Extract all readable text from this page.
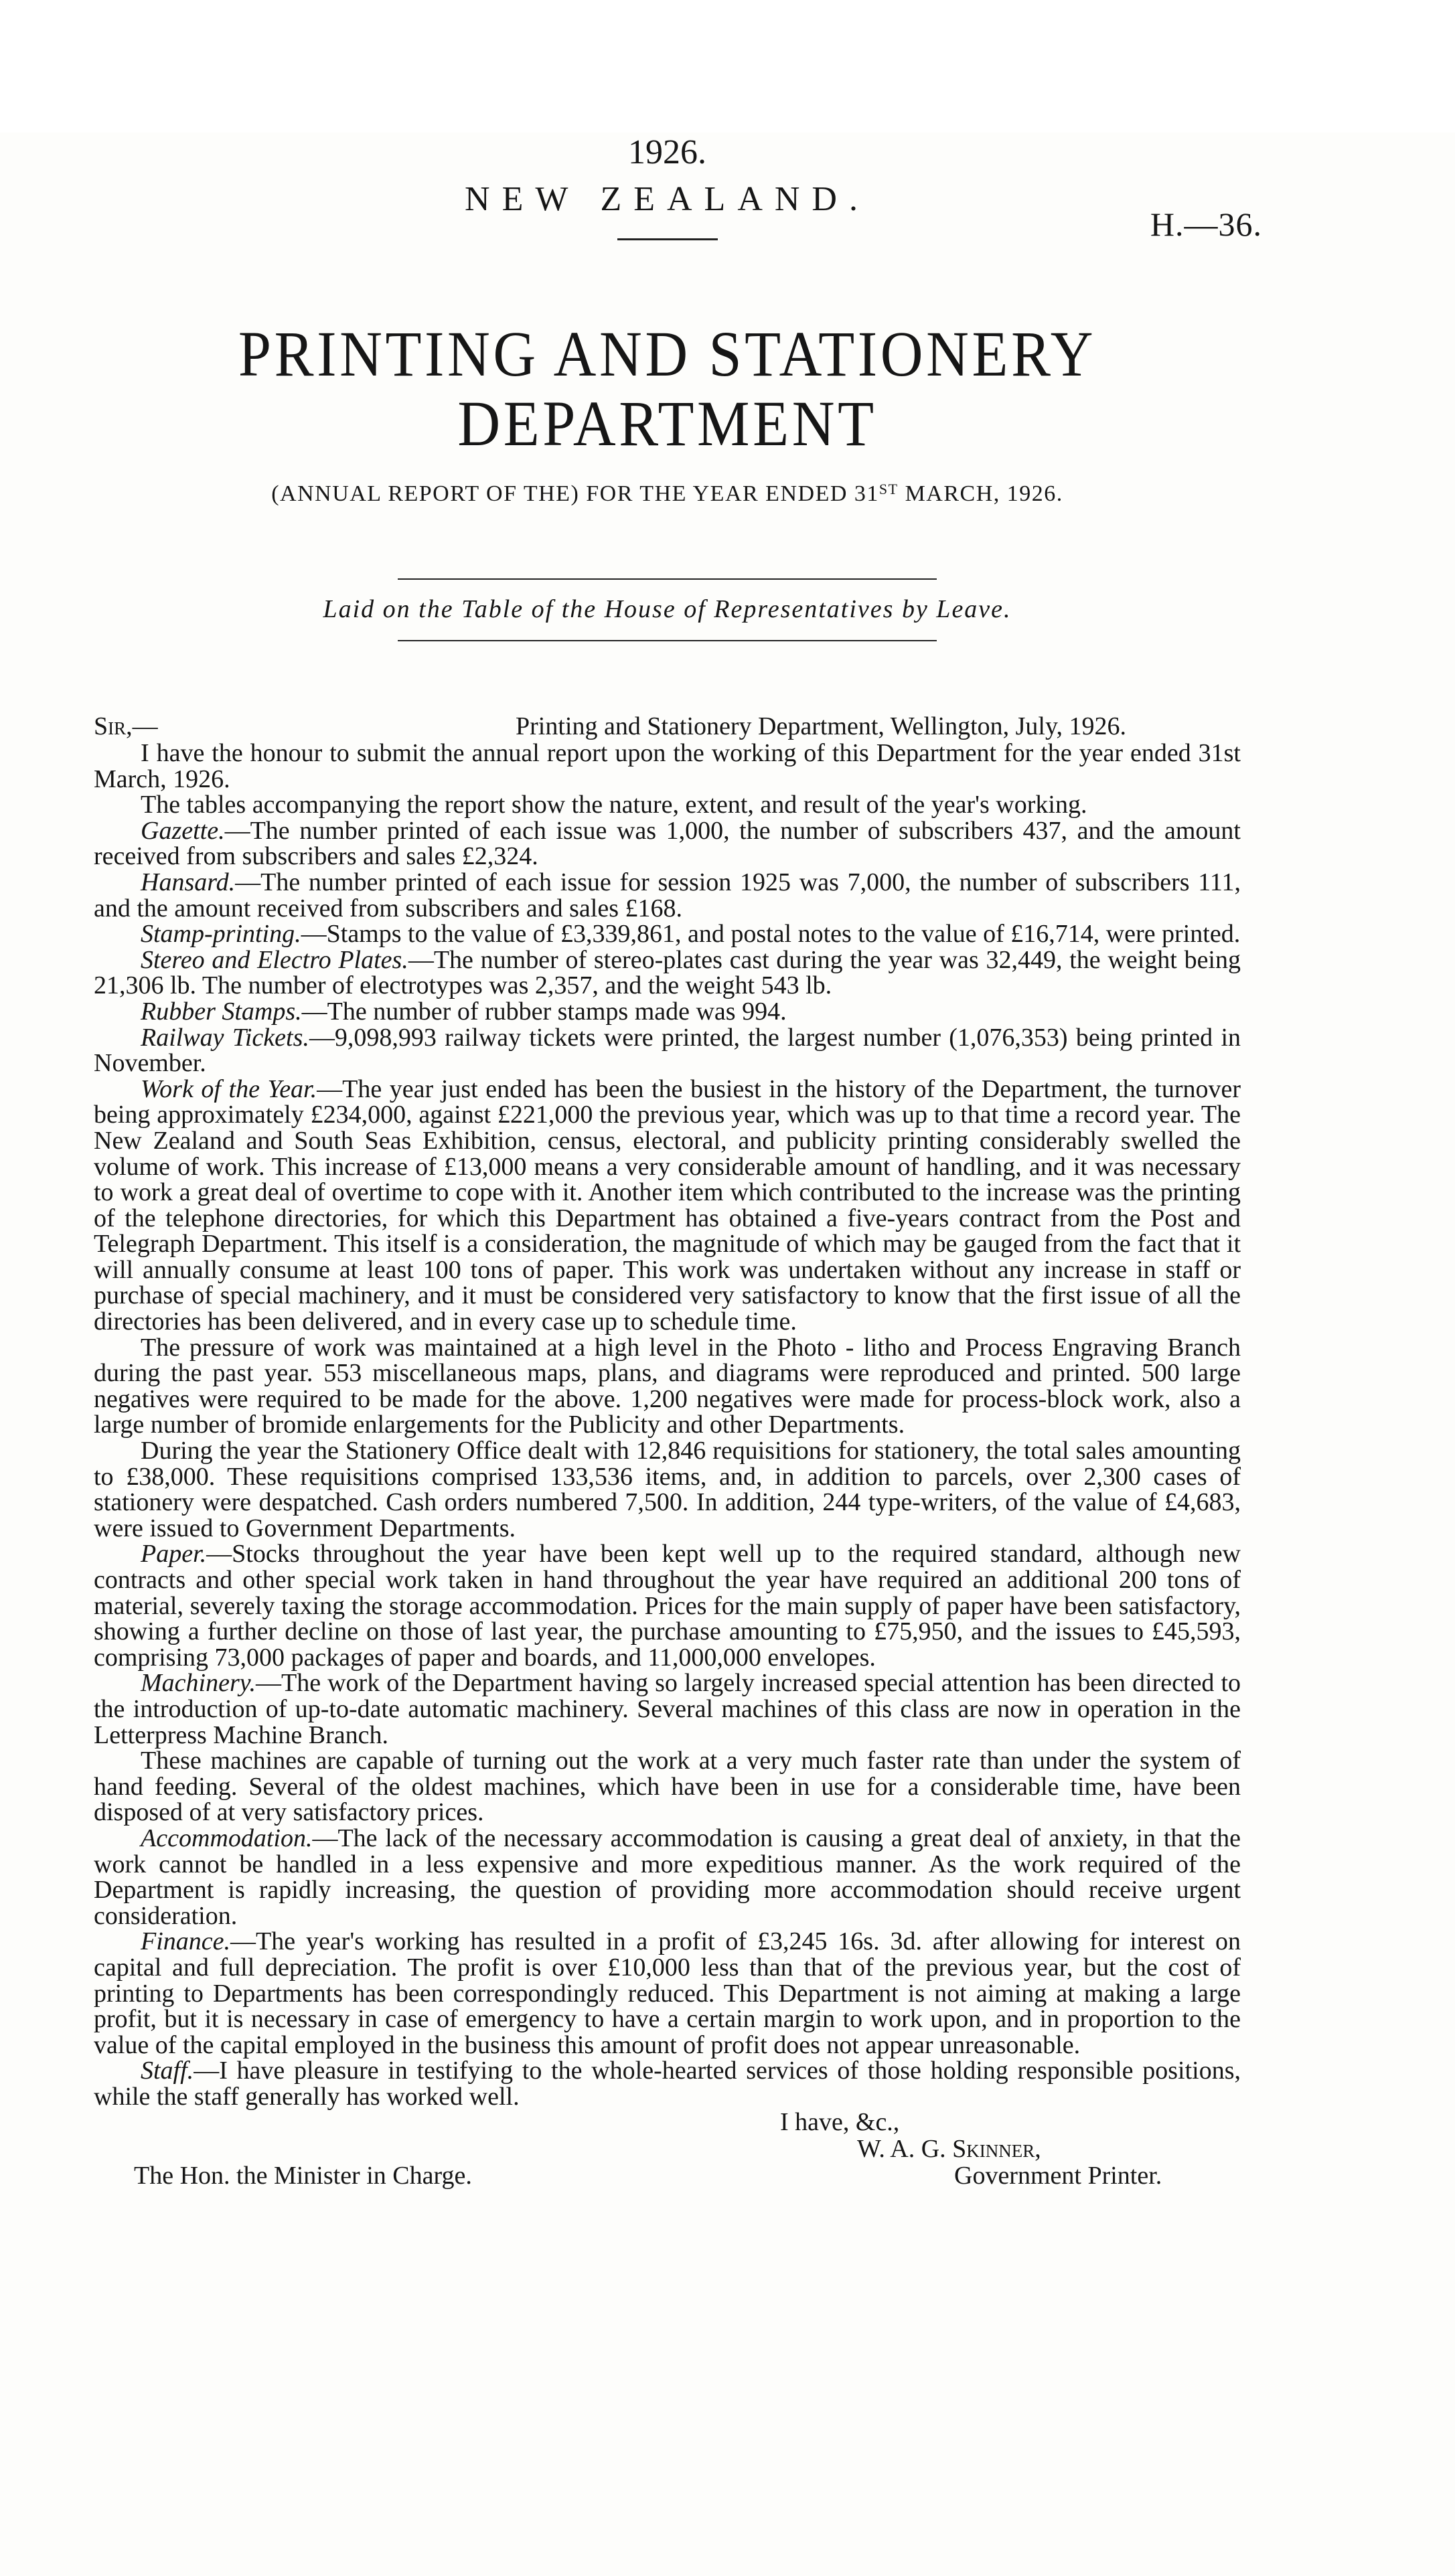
H.—36.
1926.
NEW ZEALAND.
PRINTING AND STATIONERY DEPARTMENT
(ANNUAL REPORT OF THE) FOR THE YEAR ENDED 31ST MARCH, 1926.
Laid on the Table of the House of Representatives by Leave.
Sir,—	Printing and Stationery Department, Wellington, July, 1926.

I have the honour to submit the annual report upon the working of this Department for the year ended 31st March, 1926.

The tables accompanying the report show the nature, extent, and result of the year's working.

Gazette.—The number printed of each issue was 1,000, the number of subscribers 437, and the amount received from subscribers and sales £2,324.

Hansard.—The number printed of each issue for session 1925 was 7,000, the number of subscribers 111, and the amount received from subscribers and sales £168.

Stamp-printing.—Stamps to the value of £3,339,861, and postal notes to the value of £16,714, were printed.

Stereo and Electro Plates.—The number of stereo-plates cast during the year was 32,449, the weight being 21,306 lb. The number of electrotypes was 2,357, and the weight 543 lb.

Rubber Stamps.—The number of rubber stamps made was 994.

Railway Tickets.—9,098,993 railway tickets were printed, the largest number (1,076,353) being printed in November.

Work of the Year.—The year just ended has been the busiest in the history of the Department, the turnover being approximately £234,000, against £221,000 the previous year, which was up to that time a record year. The New Zealand and South Seas Exhibition, census, electoral, and publicity printing considerably swelled the volume of work. This increase of £13,000 means a very considerable amount of handling, and it was necessary to work a great deal of overtime to cope with it. Another item which contributed to the increase was the printing of the telephone directories, for which this Department has obtained a five-years contract from the Post and Telegraph Department. This itself is a consideration, the magnitude of which may be gauged from the fact that it will annually consume at least 100 tons of paper. This work was undertaken without any increase in staff or purchase of special machinery, and it must be considered very satisfactory to know that the first issue of all the directories has been delivered, and in every case up to schedule time.

The pressure of work was maintained at a high level in the Photo - litho and Process Engraving Branch during the past year. 553 miscellaneous maps, plans, and diagrams were reproduced and printed. 500 large negatives were required to be made for the above. 1,200 negatives were made for process-block work, also a large number of bromide enlargements for the Publicity and other Departments.

During the year the Stationery Office dealt with 12,846 requisitions for stationery, the total sales amounting to £38,000. These requisitions comprised 133,536 items, and, in addition to parcels, over 2,300 cases of stationery were despatched. Cash orders numbered 7,500. In addition, 244 type-writers, of the value of £4,683, were issued to Government Departments.

Paper.—Stocks throughout the year have been kept well up to the required standard, although new contracts and other special work taken in hand throughout the year have required an additional 200 tons of material, severely taxing the storage accommodation. Prices for the main supply of paper have been satisfactory, showing a further decline on those of last year, the purchase amounting to £75,950, and the issues to £45,593, comprising 73,000 packages of paper and boards, and 11,000,000 envelopes.

Machinery.—The work of the Department having so largely increased special attention has been directed to the introduction of up-to-date automatic machinery. Several machines of this class are now in operation in the Letterpress Machine Branch.

These machines are capable of turning out the work at a very much faster rate than under the system of hand feeding. Several of the oldest machines, which have been in use for a considerable time, have been disposed of at very satisfactory prices.

Accommodation.—The lack of the necessary accommodation is causing a great deal of anxiety, in that the work cannot be handled in a less expensive and more expeditious manner. As the work required of the Department is rapidly increasing, the question of providing more accommodation should receive urgent consideration.

Finance.—The year's working has resulted in a profit of £3,245 16s. 3d. after allowing for interest on capital and full depreciation. The profit is over £10,000 less than that of the previous year, but the cost of printing to Departments has been correspondingly reduced. This Department is not aiming at making a large profit, but it is necessary in case of emergency to have a certain margin to work upon, and in proportion to the value of the capital employed in the business this amount of profit does not appear unreasonable.

Staff.—I have pleasure in testifying to the whole-hearted services of those holding responsible positions, while the staff generally has worked well.

I have, &c.,
W. A. G. Skinner,
The Hon. the Minister in Charge.	Government Printer.
